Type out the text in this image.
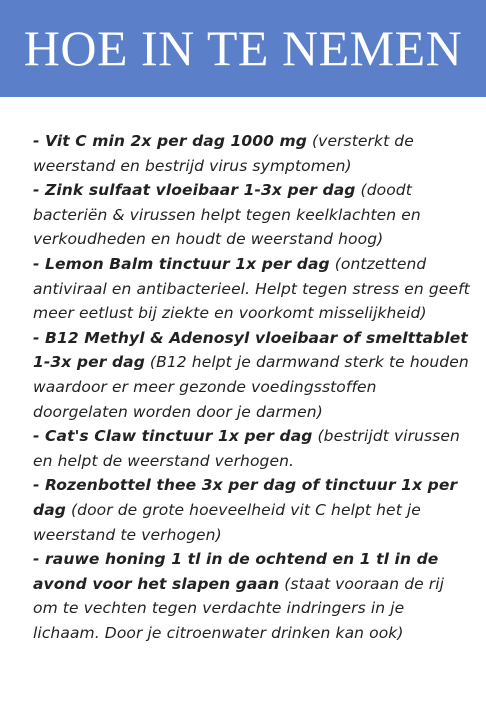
HOE IN TE NEMEN

- Vit C min 2x per dag 1000 mg (versterkt de weerstand en bestrijd virus symptomen)

- Zink sulfaat vloeibaar 1-3x per dag (doodt bacteriën & virussen helpt tegen keelklachten en verkoudheden en houdt de weerstand hoog)

- Lemon Balm tinctuur 1x per dag (ontzettend antiviraal en antibacterieel. Helpt tegen stress en geeft meer eetlust bij ziekte en voorkomt misselijkheid)

- B12 Methyl & Adenosyl vloeibaar of smelttablet 1-3x per dag (B12 helpt je darmwand sterk te houden waardoor er meer gezonde voedingsstoffen doorgelaten worden door je darmen)

- Cat's Claw tinctuur 1x per dag (bestrijdt virussen en helpt de weerstand verhogen.

- Rozenbottel thee 3x per dag of tinctuur 1x per dag (door de grote hoeveelheid vit C helpt het je weerstand te verhogen)

- rauwe honing 1 tl in de ochtend en 1 tl in de avond voor het slapen gaan (staat vooraan de rij om te vechten tegen verdachte indringers in je lichaam. Door je citroenwater drinken kan ook)
